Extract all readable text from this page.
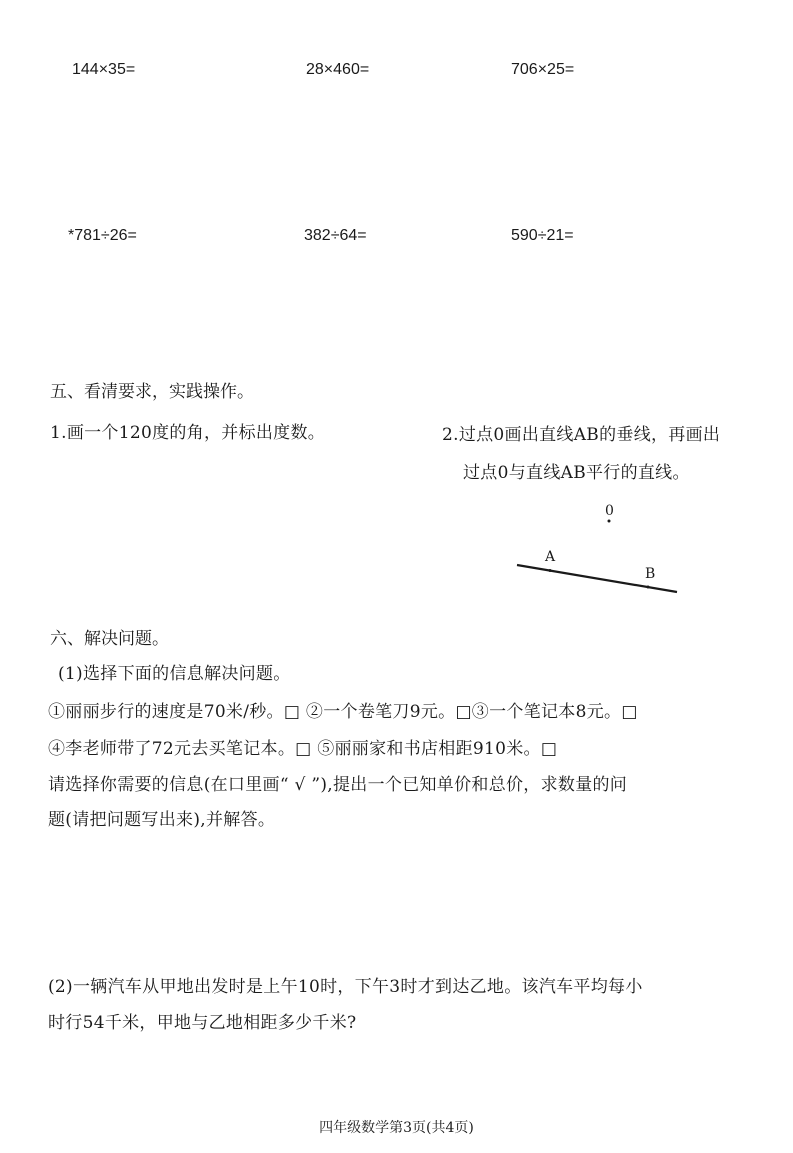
144×35=	28×460=	706×25=
*781÷26=	382÷64=	590÷21=
五、看清要求，实践操作。
1.画一个120度的角，并标出度数。	2.过点0画出直线AB的垂线，再画出
过点0与直线AB平行的直线。
0
A
B
六、解决问题。
(1)选择下面的信息解决问题。
①丽丽步行的速度是70米/秒。□ ②一个卷笔刀9元。□③一个笔记本8元。□
④李老师带了72元去买笔记本。□ ⑤丽丽家和书店相距910米。□
请选择你需要的信息(在口里画“ √ ”),提出一个已知单价和总价，求数量的问
题(请把问题写出来),并解答。
(2)一辆汽车从甲地出发时是上午10时，下午3时才到达乙地。该汽车平均每小
时行54千米，甲地与乙地相距多少千米?
四年级数学第3页(共4页)
